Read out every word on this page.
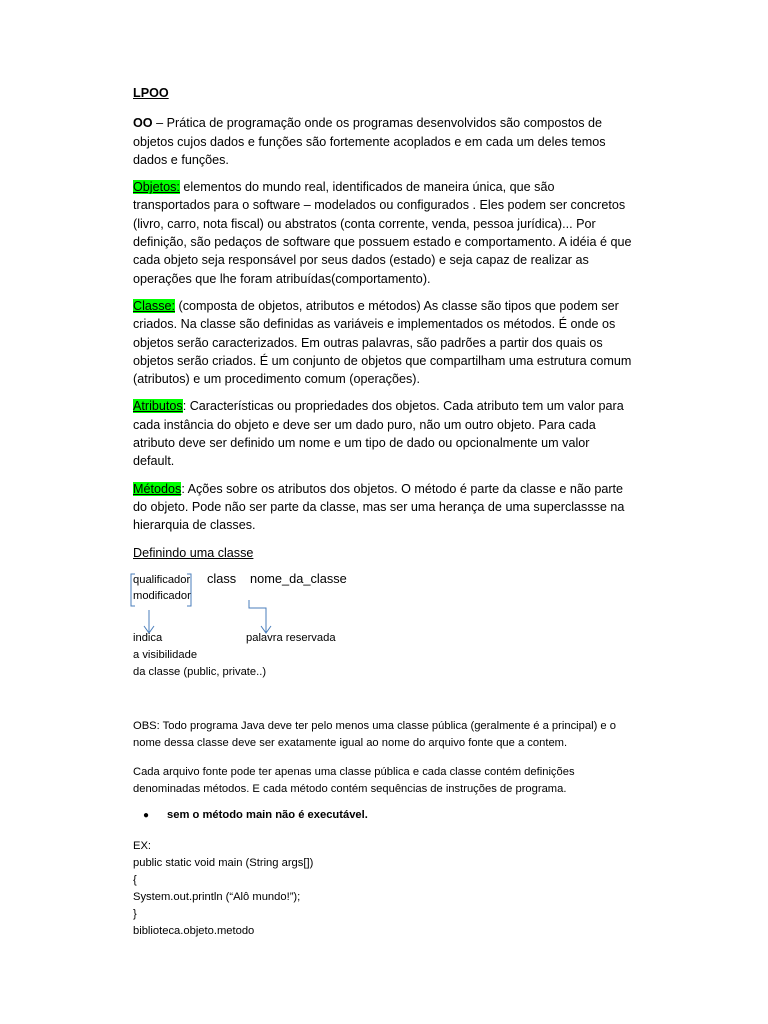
LPOO

OO – Prática de programação onde os programas desenvolvidos são compostos de objetos cujos dados e funções são fortemente acoplados e em cada um deles temos dados e funções.

Objetos: elementos do mundo real, identificados de maneira única, que são transportados para o software – modelados ou configurados . Eles podem ser concretos (livro, carro, nota fiscal) ou abstratos (conta corrente, venda, pessoa jurídica)... Por definição, são pedaços de software que possuem estado e comportamento. A idéia é que cada objeto seja responsável por seus dados (estado) e seja capaz de realizar as operações que lhe foram atribuídas(comportamento).

Classe: (composta de objetos, atributos e métodos) As classe são tipos que podem ser criados. Na classe são definidas as variáveis e implementados os métodos. É onde os objetos serão caracterizados. Em outras palavras, são padrões a partir dos quais os objetos serão criados. É um conjunto de objetos que compartilham uma estrutura comum (atributos) e um procedimento comum (operações).

Atributos: Características ou propriedades dos objetos. Cada atributo tem um valor para cada instância do objeto e deve ser um dado puro, não um outro objeto. Para cada atributo deve ser definido um nome e um tipo de dado ou opcionalmente um valor default.

Métodos: Ações sobre os atributos dos objetos. O método é parte da classe e não parte do objeto. Pode não ser parte da classe, mas ser uma herança de uma superclassse na hierarquia de classes.

Definindo uma classe
qualificador
modificador
class nome_da_classe
indica
a visibilidade
da classe (public, private..)
palavra reservada

OBS: Todo programa Java deve ter pelo menos uma classe pública (geralmente é a principal) e o nome dessa classe deve ser exatamente igual ao nome do arquivo fonte que a contem.

Cada arquivo fonte pode ter apenas uma classe pública e cada classe contém definições denominadas métodos. E cada método contém sequências de instruções de programa.

● sem o método main não é executável.
EX:
public static void main (String args[])
{
System.out.println (“Alô mundo!”);
}
biblioteca.objeto.metodo
